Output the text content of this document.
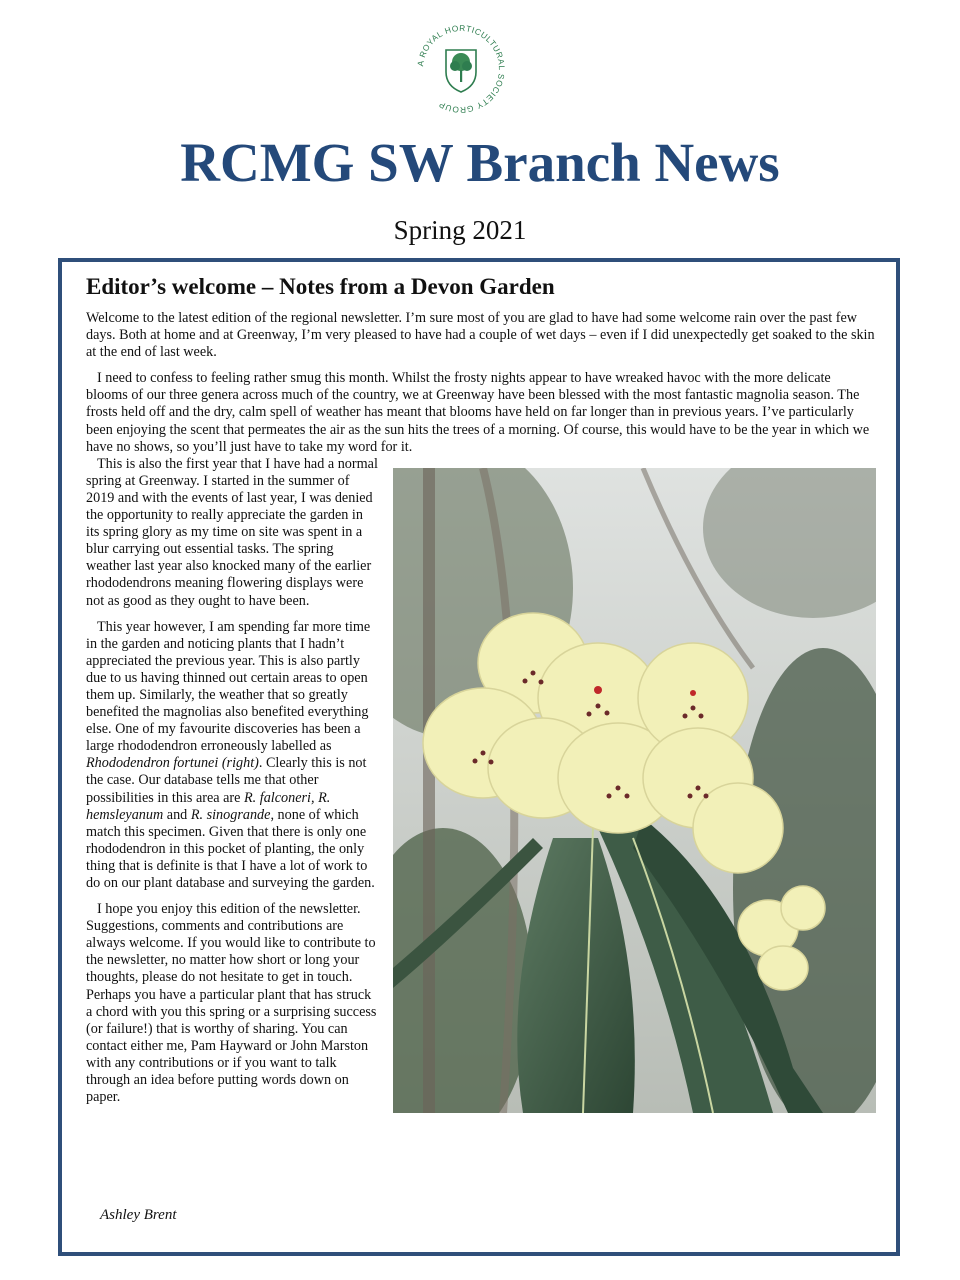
A ROYAL HORTICULTURAL SOCIETY GROUP
RCMG SW Branch News
Spring 2021
Editor’s welcome – Notes from a Devon Garden

Welcome to the latest edition of the regional newsletter. I’m sure most of you are glad to have had some welcome rain over the past few days. Both at home and at Greenway, I’m very pleased to have had a couple of wet days – even if I did unexpectedly get soaked to the skin at the end of last week.

I need to confess to feeling rather smug this month. Whilst the frosty nights appear to have wreaked havoc with the more delicate blooms of our three genera across much of the country, we at Greenway have been blessed with the most fantastic magnolia season. The frosts held off and the dry, calm spell of weather has meant that blooms have held on far longer than in previous years. I’ve particularly been enjoying the scent that permeates the air as the sun hits the trees of a morning. Of course, this would have to be the year in which we have no shows, so you’ll just have to take my word for it.

This is also the first year that I have had a normal spring at Greenway. I started in the summer of 2019 and with the events of last year, I was denied the opportunity to really appreciate the garden in its spring glory as my time on site was spent in a blur carrying out essential tasks. The spring weather last year also knocked many of the earlier rhododendrons meaning flowering displays were not as good as they ought to have been.

This year however, I am spending far more time in the garden and noticing plants that I hadn’t appreciated the previous year. This is also partly due to us having thinned out certain areas to open them up. Similarly, the weather that so greatly benefited the magnolias also benefited everything else. One of my favourite discoveries has been a large rhododendron erroneously labelled as Rhododendron fortunei (right). Clearly this is not the case. Our database tells me that other possibilities in this area are R. falconeri, R. hemsleyanum and R. sinogrande, none of which match this specimen. Given that there is only one rhododendron in this pocket of planting, the only thing that is definite is that I have a lot of work to do on our plant database and surveying the garden.

I hope you enjoy this edition of the newsletter. Suggestions, comments and contributions are always welcome. If you would like to contribute to the newsletter, no matter how short or long your thoughts, please do not hesitate to get in touch. Perhaps you have a particular plant that has struck a chord with you this spring or a surprising success (or failure!) that is worthy of sharing. You can contact either me, Pam Hayward or John Marston with any contributions or if you want to talk through an idea before putting words down on paper.

Ashley Brent
